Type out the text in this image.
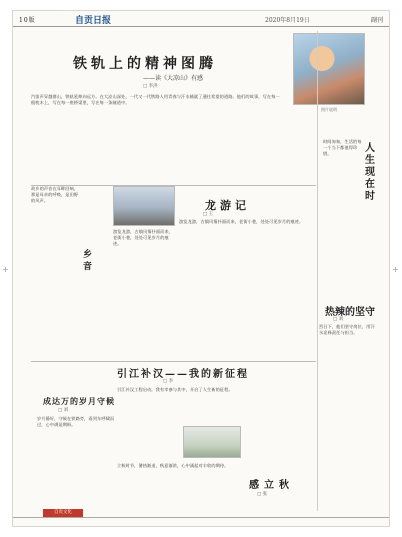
10版	自贡日报	2020年8月19日	副刊
铁轨上的精神图腾
——读《大凉山》有感
□ 李洪
汽笛声穿越群山，铁轨延伸向远方。在大凉山深处，一代又一代铁路人用青春与汗水铺就了通往希望的道路。他们的故事，写在每一根枕木上，写在每一座桥梁里，写在每一条隧道中。
图片说明
人生现在时
时间匆匆，生活的每一个当下都值得珍惜。
故乡的声音在耳畔回响，那是母亲的呼唤，是田野的风声。
乡音
游览龙游，古镇风情扑面而来，老街小巷，处处可见岁月的痕迹。
龙游记
□ 王
游览龙游，古镇风情扑面而来，老街小巷，处处可见岁月的痕迹。
热辣的坚守
□ 刘
烈日下，他们坚守岗位，用汗水诠释责任与担当。
成达万的岁月守候
□ 刘
岁月静好，守候在铁路旁，看列车呼啸而过，心中满是期盼。
引江补汉——我的新征程
□ 李
引江补汉工程启动，我有幸参与其中，开启了人生新的征程。
感立秋
□ 张
立秋时节，暑热渐退，秋意渐浓，心中涌起对丰收的期待。
自贡文化
+	+
